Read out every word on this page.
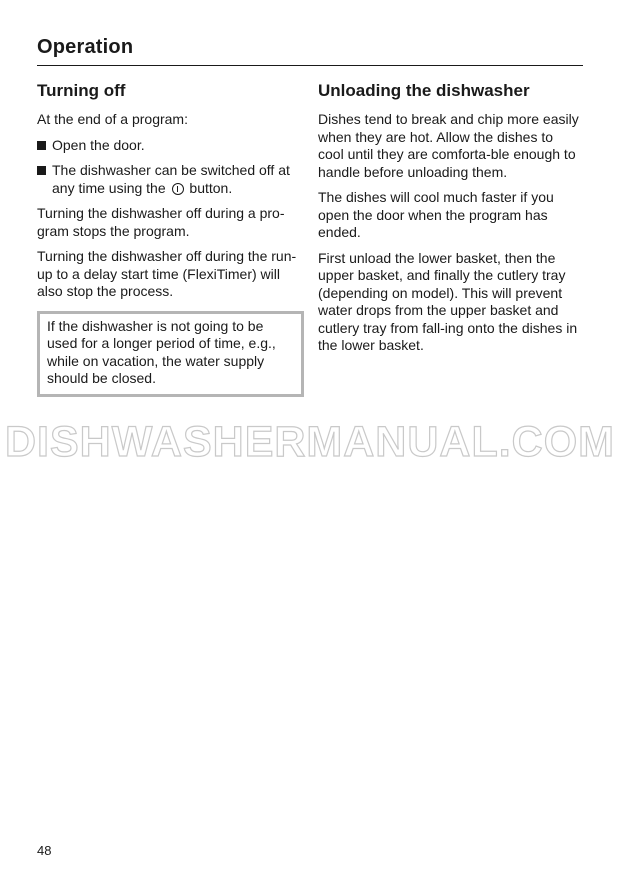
Operation
Turning off

At the end of a program:

Open the door.
The dishwasher can be switched off at any time using the button.

Turning the dishwasher off during a pro-gram stops the program.

Turning the dishwasher off during the run-up to a delay start time (FlexiTimer) will also stop the process.

If the dishwasher is not going to be used for a longer period of time, e.g., while on vacation, the water supply should be closed.

Unloading the dishwasher

Dishes tend to break and chip more easily when they are hot. Allow the dishes to cool until they are comforta-ble enough to handle before unloading them.

The dishes will cool much faster if you open the door when the program has ended.

First unload the lower basket, then the upper basket, and finally the cutlery tray (depending on model). This will prevent water drops from the upper basket and cutlery tray from fall-ing onto the dishes in the lower basket.

DISHWASHERMANUAL.COM
48
